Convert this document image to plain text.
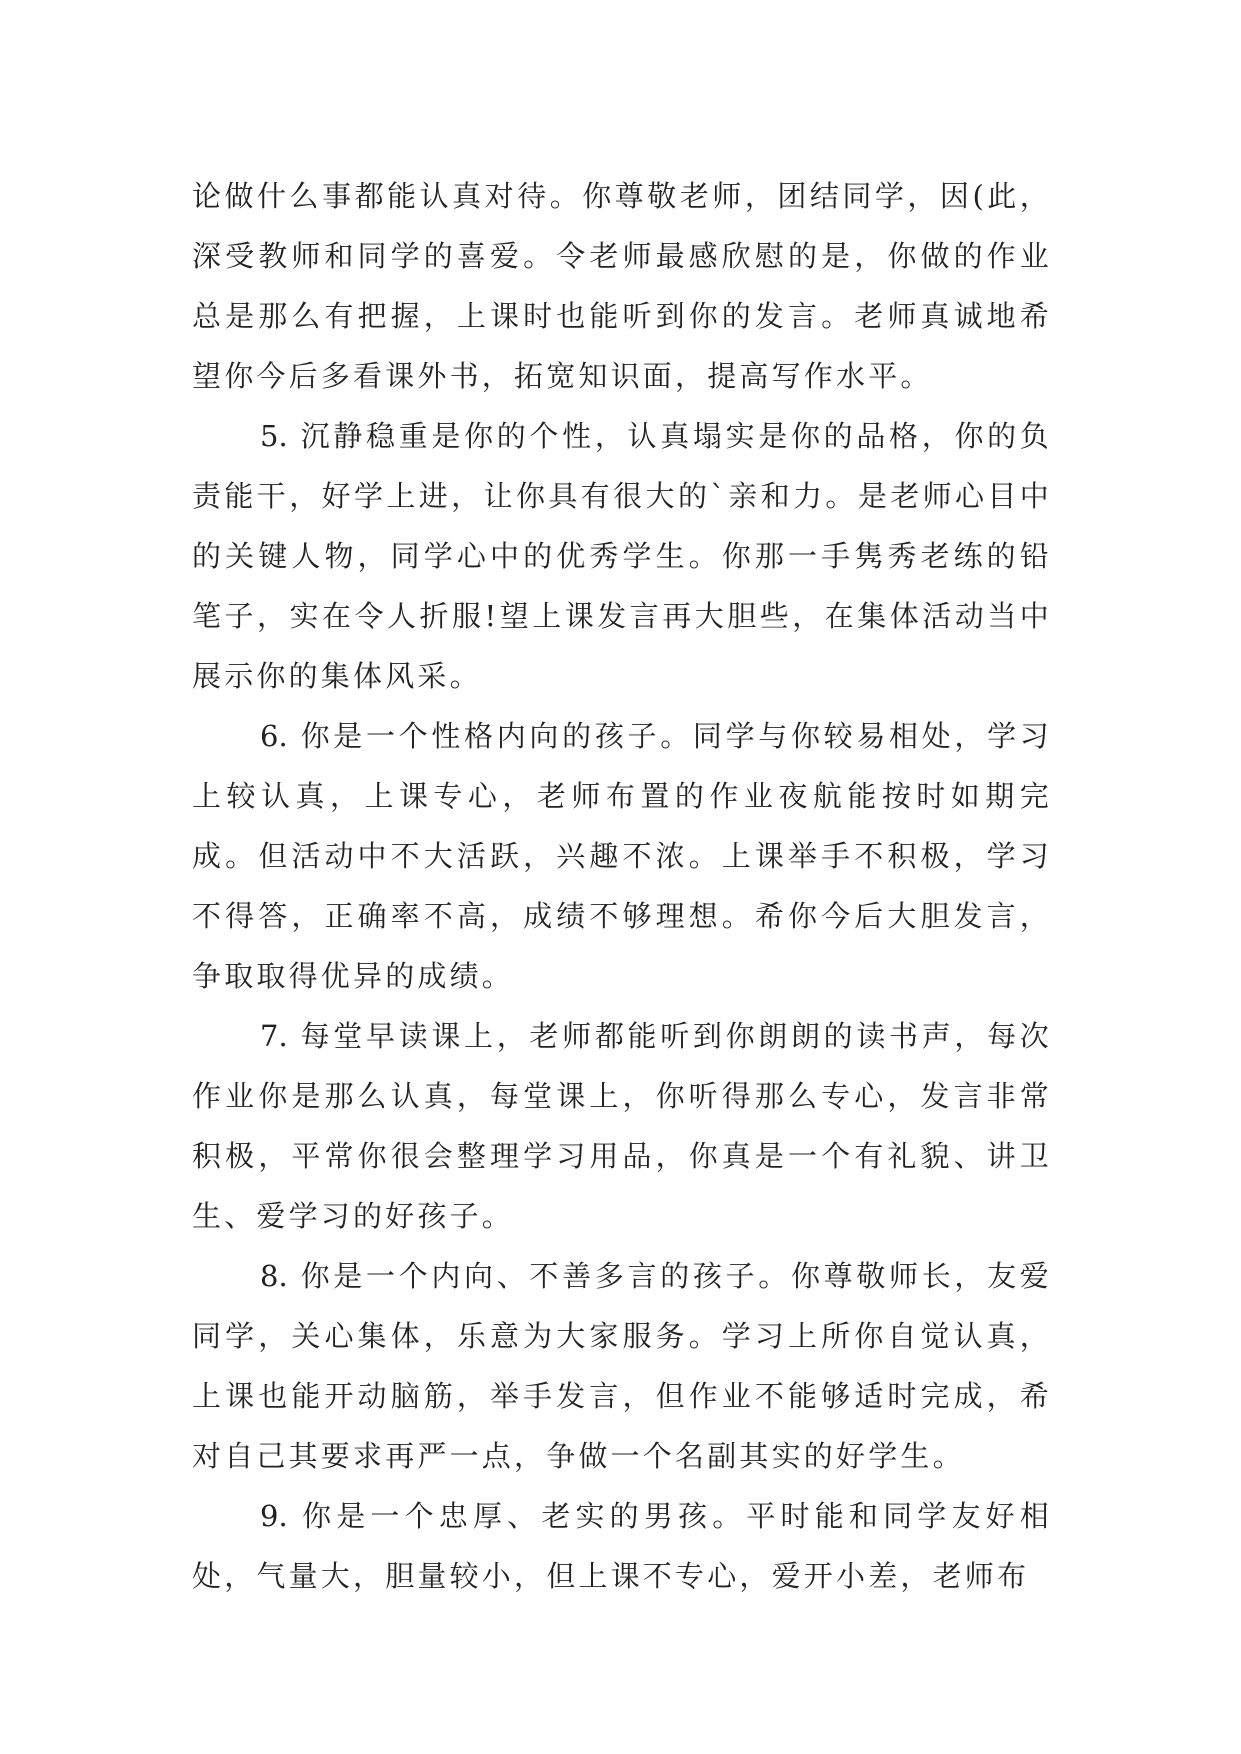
论做什么事都能认真对待。你尊敬老师，团结同学，因(此，深受教师和同学的喜爱。令老师最感欣慰的是，你做的作业总是那么有把握，上课时也能听到你的发言。老师真诚地希望你今后多看课外书，拓宽知识面，提高写作水平。

5. 沉静稳重是你的个性，认真塌实是你的品格，你的负责能干，好学上进，让你具有很大的`亲和力。是老师心目中的关键人物，同学心中的优秀学生。你那一手隽秀老练的铅笔子，实在令人折服!望上课发言再大胆些，在集体活动当中展示你的集体风采。

6. 你是一个性格内向的孩子。同学与你较易相处，学习上较认真，上课专心，老师布置的作业夜航能按时如期完成。但活动中不大活跃，兴趣不浓。上课举手不积极，学习不得答，正确率不高，成绩不够理想。希你今后大胆发言，争取取得优异的成绩。

7. 每堂早读课上，老师都能听到你朗朗的读书声，每次作业你是那么认真，每堂课上，你听得那么专心，发言非常积极，平常你很会整理学习用品，你真是一个有礼貌、讲卫生、爱学习的好孩子。

8. 你是一个内向、不善多言的孩子。你尊敬师长，友爱同学，关心集体，乐意为大家服务。学习上所你自觉认真，上课也能开动脑筋，举手发言，但作业不能够适时完成，希对自己其要求再严一点，争做一个名副其实的好学生。

9. 你是一个忠厚、老实的男孩。平时能和同学友好相处，气量大，胆量较小，但上课不专心，爱开小差，老师布
